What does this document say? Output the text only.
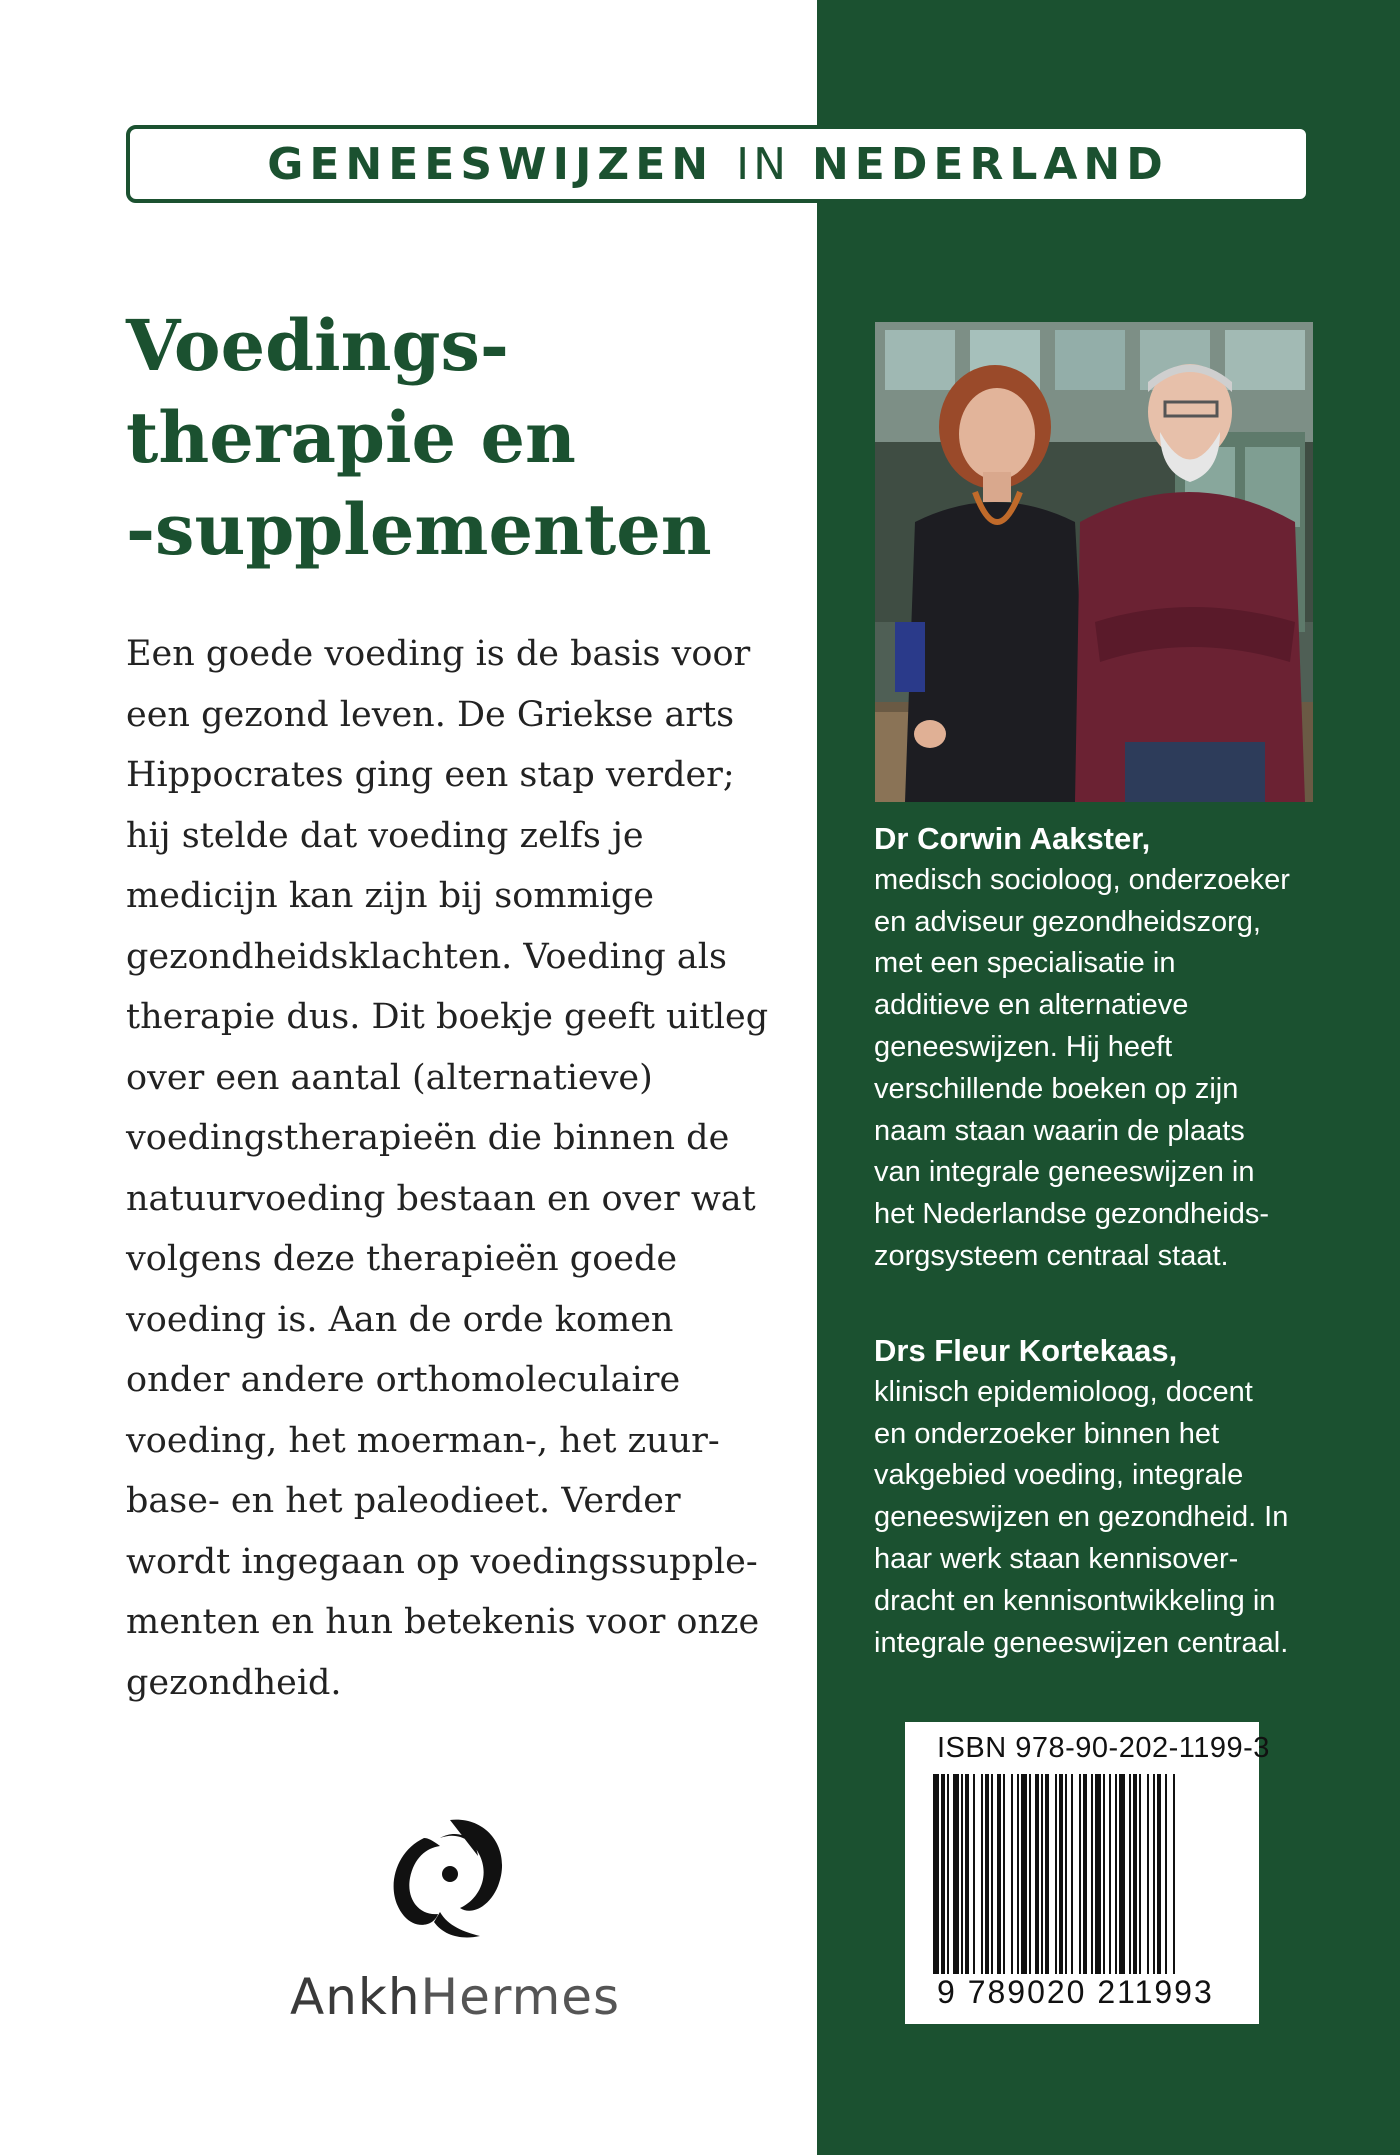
GENEESWIJZEN IN NEDERLAND
Voedings-
therapie en
-supplementen
Een goede voeding is de basis voor
een gezond leven. De Griekse arts
Hippocrates ging een stap verder;
hij stelde dat voeding zelfs je
medicijn kan zijn bij sommige
gezondheidsklachten. Voeding als
therapie dus. Dit boekje geeft uitleg
over een aantal (alternatieve)
voedingstherapieën die binnen de
natuurvoeding bestaan en over wat
volgens deze therapieën goede
voeding is. Aan de orde komen
onder andere orthomoleculaire
voeding, het moerman-, het zuur-
base- en het paleodieet. Verder
wordt ingegaan op voedingssupple-
menten en hun betekenis voor onze
gezondheid.
Dr Corwin Aakster,
medisch socioloog, onderzoeker
en adviseur gezondheidszorg,
met een specialisatie in
additieve en alternatieve
geneeswijzen. Hij heeft
verschillende boeken op zijn
naam staan waarin de plaats
van integrale geneeswijzen in
het Nederlandse gezondheids-
zorgsysteem centraal staat.
Drs Fleur Kortekaas,
klinisch epidemioloog, docent
en onderzoeker binnen het
vakgebied voeding, integrale
geneeswijzen en gezondheid. In
haar werk staan kennisover-
dracht en kennisontwikkeling in
integrale geneeswijzen centraal.
ISBN 978-90-202-1199-3
9 789020 211993
AnkhHermes
